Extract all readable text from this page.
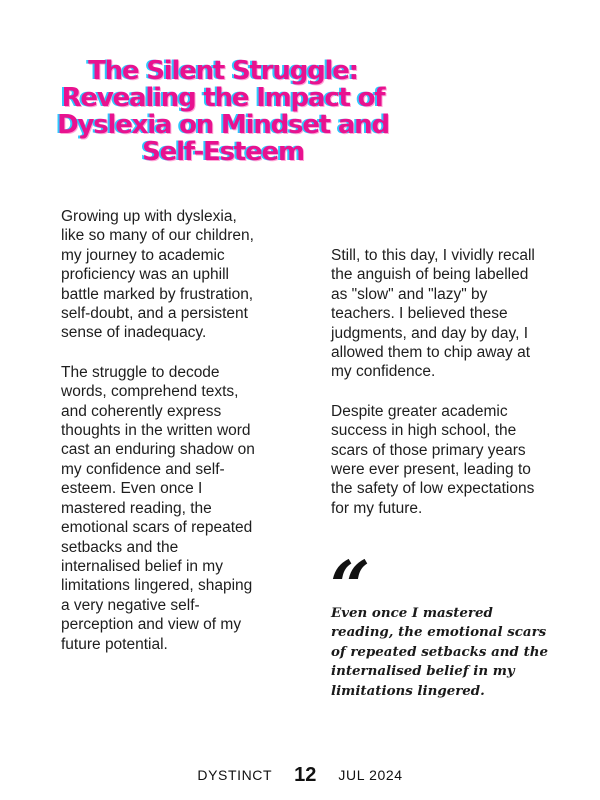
The Silent Struggle:
Revealing the Impact of
Dyslexia on Mindset and
Self-Esteem

Growing up with dyslexia, like so many of our children, my journey to academic proficiency was an uphill battle marked by frustration, self-doubt, and a persistent sense of inadequacy.

The struggle to decode words, comprehend texts, and coherently express thoughts in the written word cast an enduring shadow on my confidence and self-esteem. Even once I mastered reading, the emotional scars of repeated setbacks and the internalised belief in my limitations lingered, shaping a very negative self-perception and view of my future potential.

Still, to this day, I vividly recall the anguish of being labelled as "slow" and "lazy" by teachers. I believed these judgments, and day by day, I allowed them to chip away at my confidence.

Despite greater academic success in high school, the scars of those primary years were ever present, leading to the safety of low expectations for my future.

“

Even once I mastered reading, the emotional scars of repeated setbacks and the internalised belief in my limitations lingered.

DYSTINCT 12 JUL 2024
